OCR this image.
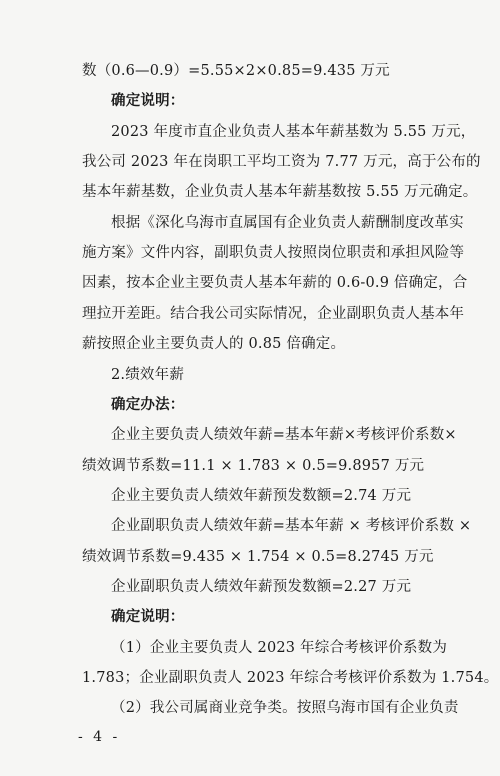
数（0.6—0.9）=5.55×2×0.85=9.435 万元
确定说明：
2023 年度市直企业负责人基本年薪基数为 5.55 万元，
我公司 2023 年在岗职工平均工资为 7.77 万元，高于公布的
基本年薪基数，企业负责人基本年薪基数按 5.55 万元确定。
根据《深化乌海市直属国有企业负责人薪酬制度改革实
施方案》文件内容，副职负责人按照岗位职责和承担风险等
因素，按本企业主要负责人基本年薪的 0.6-0.9 倍确定，合
理拉开差距。结合我公司实际情况，企业副职负责人基本年
薪按照企业主要负责人的 0.85 倍确定。
2.绩效年薪
确定办法：
企业主要负责人绩效年薪=基本年薪×考核评价系数×
绩效调节系数=11.1 × 1.783 × 0.5=9.8957 万元
企业主要负责人绩效年薪预发数额=2.74 万元
企业副职负责人绩效年薪=基本年薪 × 考核评价系数 ×
绩效调节系数=9.435 × 1.754 × 0.5=8.2745 万元
企业副职负责人绩效年薪预发数额=2.27 万元
确定说明：
（1）企业主要负责人 2023 年综合考核评价系数为
1.783；企业副职负责人 2023 年综合考核评价系数为 1.754。
（2）我公司属商业竞争类。按照乌海市国有企业负责
- 4 -
